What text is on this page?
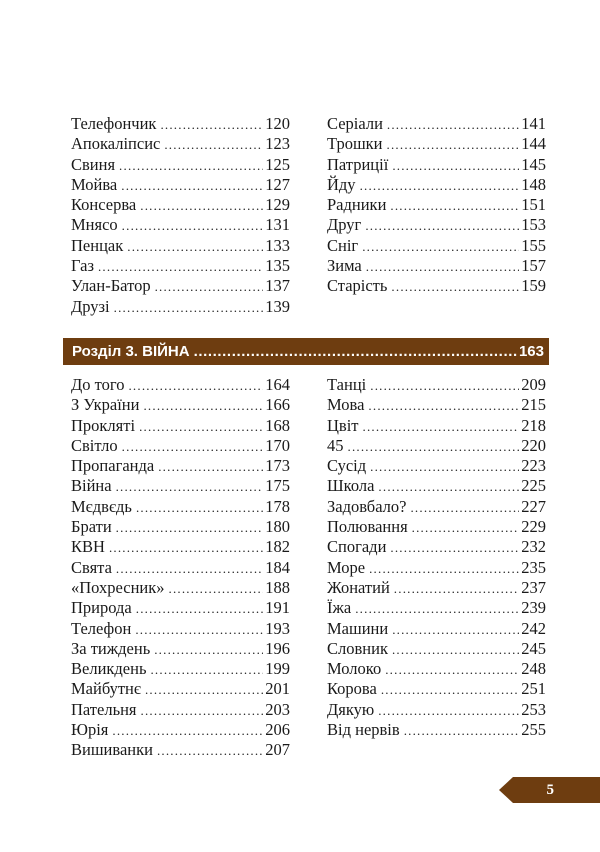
Телефончик .....	120
Апокаліпсис .....	123
Свиня .....	125
Мойва .....	127
Консерва .....	129
Мнясо .....	131
Пенцак .....	133
Газ .....	135
Улан-Батор .....	137
Друзі .....	139
Серіали .....	141
Трошки .....	144
Патриції .....	145
Йду .....	148
Радники .....	151
Друг .....	153
Сніг .....	155
Зима .....	157
Старість .....	159
Розділ 3. ВІЙНА .....	163
До того .....	164
З України .....	166
Прокляті .....	168
Світло .....	170
Пропаганда .....	173
Війна .....	175
Мєдвєдь .....	178
Брати .....	180
КВН .....	182
Свята .....	184
«Похресник» .....	188
Природа .....	191
Телефон .....	193
За тиждень .....	196
Великдень .....	199
Майбутнє .....	201
Пательня .....	203
Юрія .....	206
Вишиванки .....	207
Танці .....	209
Мова .....	215
Цвіт .....	218
45 .....	220
Сусід .....	223
Школа .....	225
Задовбало? .....	227
Полювання .....	229
Спогади .....	232
Море .....	235
Жонатий .....	237
Їжа .....	239
Машини .....	242
Словник .....	245
Молоко .....	248
Корова .....	251
Дякую .....	253
Від нервів .....	255
5
